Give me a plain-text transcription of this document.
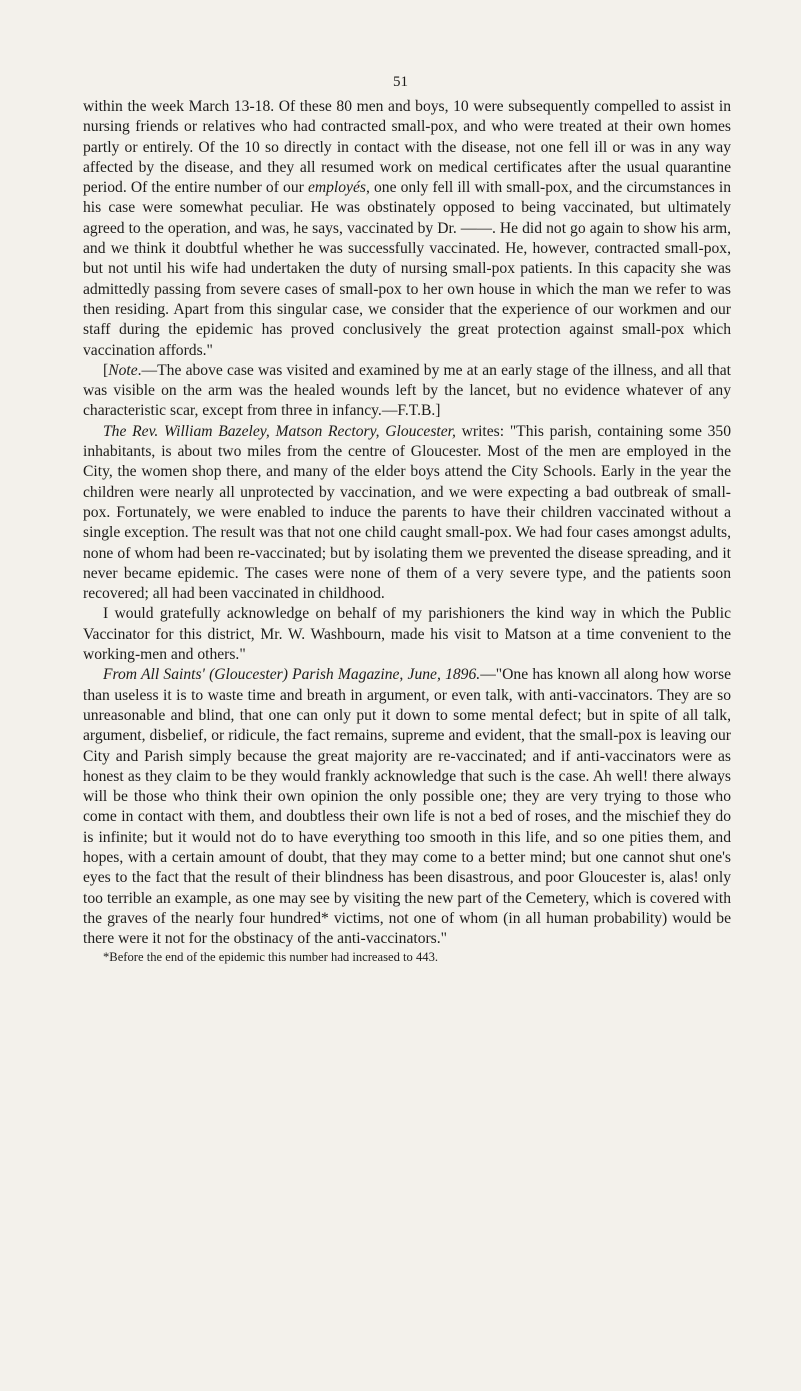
51

within the week March 13-18. Of these 80 men and boys, 10 were subsequently compelled to assist in nursing friends or relatives who had contracted small-pox, and who were treated at their own homes partly or entirely. Of the 10 so directly in contact with the disease, not one fell ill or was in any way affected by the disease, and they all resumed work on medical certificates after the usual quarantine period. Of the entire number of our employés, one only fell ill with small-pox, and the circumstances in his case were somewhat peculiar. He was obstinately opposed to being vaccinated, but ultimately agreed to the operation, and was, he says, vaccinated by Dr. ——. He did not go again to show his arm, and we think it doubtful whether he was successfully vaccinated. He, however, contracted small-pox, but not until his wife had undertaken the duty of nursing small-pox patients. In this capacity she was admittedly passing from severe cases of small-pox to her own house in which the man we refer to was then residing. Apart from this singular case, we consider that the experience of our workmen and our staff during the epidemic has proved conclusively the great protection against small-pox which vaccination affords."

[Note.—The above case was visited and examined by me at an early stage of the illness, and all that was visible on the arm was the healed wounds left by the lancet, but no evidence whatever of any characteristic scar, except from three in infancy.—F.T.B.]

The Rev. William Bazeley, Matson Rectory, Gloucester, writes: "This parish, containing some 350 inhabitants, is about two miles from the centre of Gloucester. Most of the men are employed in the City, the women shop there, and many of the elder boys attend the City Schools. Early in the year the children were nearly all unprotected by vaccination, and we were expecting a bad outbreak of small-pox. Fortunately, we were enabled to induce the parents to have their children vaccinated without a single exception. The result was that not one child caught small-pox. We had four cases amongst adults, none of whom had been re-vaccinated; but by isolating them we prevented the disease spreading, and it never became epidemic. The cases were none of them of a very severe type, and the patients soon recovered; all had been vaccinated in childhood.

I would gratefully acknowledge on behalf of my parishioners the kind way in which the Public Vaccinator for this district, Mr. W. Washbourn, made his visit to Matson at a time convenient to the working-men and others."

From All Saints' (Gloucester) Parish Magazine, June, 1896.—"One has known all along how worse than useless it is to waste time and breath in argument, or even talk, with anti-vaccinators. They are so unreasonable and blind, that one can only put it down to some mental defect; but in spite of all talk, argument, disbelief, or ridicule, the fact remains, supreme and evident, that the small-pox is leaving our City and Parish simply because the great majority are re-vaccinated; and if anti-vaccinators were as honest as they claim to be they would frankly acknowledge that such is the case. Ah well! there always will be those who think their own opinion the only possible one; they are very trying to those who come in contact with them, and doubtless their own life is not a bed of roses, and the mischief they do is infinite; but it would not do to have everything too smooth in this life, and so one pities them, and hopes, with a certain amount of doubt, that they may come to a better mind; but one cannot shut one's eyes to the fact that the result of their blindness has been disastrous, and poor Gloucester is, alas! only too terrible an example, as one may see by visiting the new part of the Cemetery, which is covered with the graves of the nearly four hundred* victims, not one of whom (in all human probability) would be there were it not for the obstinacy of the anti-vaccinators."

*Before the end of the epidemic this number had increased to 443.
